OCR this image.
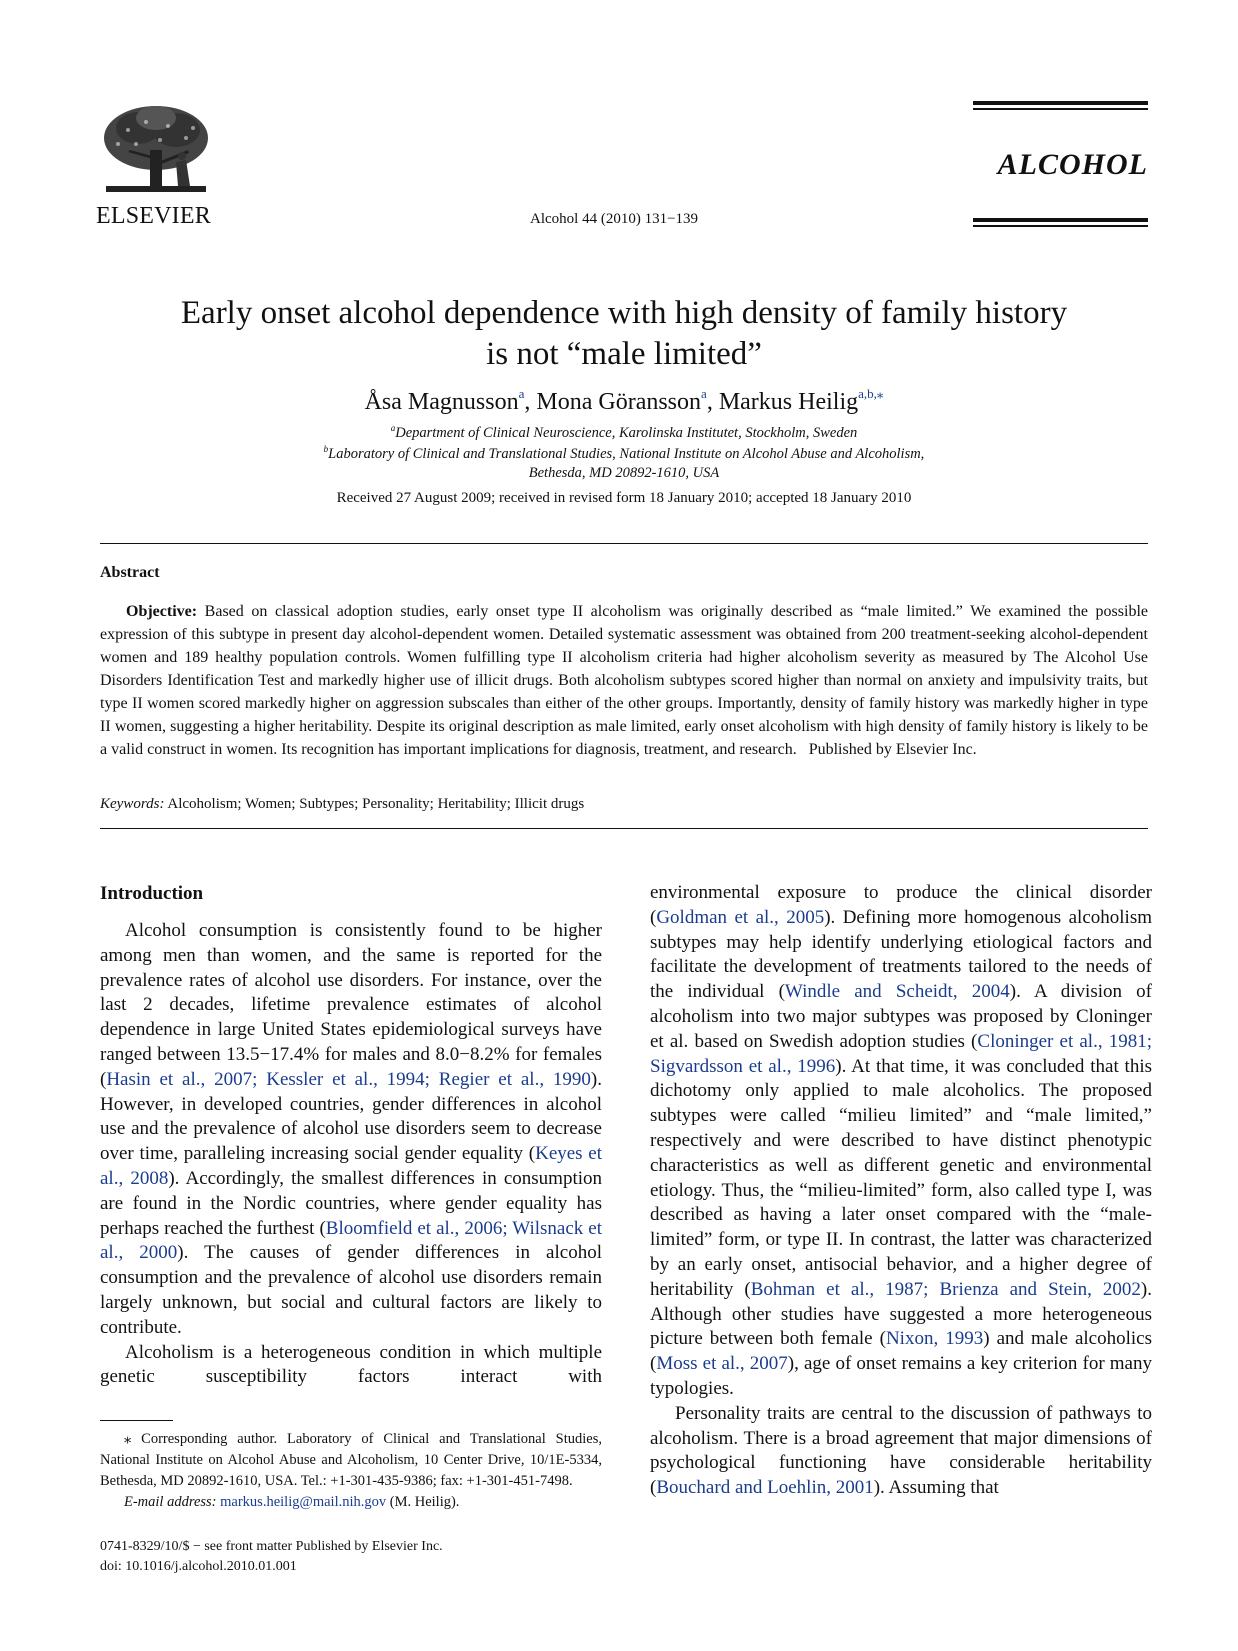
ELSEVIER	Alcohol 44 (2010) 131−139
ALCOHOL
Early onset alcohol dependence with high density of family history
is not “male limited”
Åsa Magnusson$^a$, Mona Göransson$^a$, Markus Heilig$^{a,b,⁎}$
$^a$Department of Clinical Neuroscience, Karolinska Institutet, Stockholm, Sweden
$^b$Laboratory of Clinical and Translational Studies, National Institute on Alcohol Abuse and Alcoholism,
Bethesda, MD 20892-1610, USA
Received 27 August 2009; received in revised form 18 January 2010; accepted 18 January 2010
Abstract
Objective: Based on classical adoption studies, early onset type II alcoholism was originally described as “male limited.” We examined the possible expression of this subtype in present day alcohol-dependent women. Detailed systematic assessment was obtained from 200 treatment-seeking alcohol-dependent women and 189 healthy population controls. Women fulfilling type II alcoholism criteria had higher alcoholism severity as measured by The Alcohol Use Disorders Identification Test and markedly higher use of illicit drugs. Both alcoholism subtypes scored higher than normal on anxiety and impulsivity traits, but type II women scored markedly higher on aggression subscales than either of the other groups. Importantly, density of family history was markedly higher in type II women, suggesting a higher heritability. Despite its original description as male limited, early onset alcoholism with high density of family history is likely to be a valid construct in women. Its recognition has important implications for diagnosis, treatment, and research. Published by Elsevier Inc.
Keywords: Alcoholism; Women; Subtypes; Personality; Heritability; Illicit drugs
Introduction

Alcohol consumption is consistently found to be higher among men than women, and the same is reported for the prevalence rates of alcohol use disorders. For instance, over the last 2 decades, lifetime prevalence estimates of alcohol dependence in large United States epidemiological surveys have ranged between 13.5−17.4% for males and 8.0−8.2% for females (Hasin et al., 2007; Kessler et al., 1994; Regier et al., 1990). However, in developed countries, gender differences in alcohol use and the prevalence of alcohol use disorders seem to decrease over time, paralleling increasing social gender equality (Keyes et al., 2008). Accordingly, the smallest differences in consumption are found in the Nordic countries, where gender equality has perhaps reached the furthest (Bloomfield et al., 2006; Wilsnack et al., 2000). The causes of gender differences in alcohol consumption and the prevalence of alcohol use disorders remain largely unknown, but social and cultural factors are likely to contribute.

Alcoholism is a heterogeneous condition in which multiple genetic susceptibility factors interact with

environmental exposure to produce the clinical disorder (Goldman et al., 2005). Defining more homogenous alcoholism subtypes may help identify underlying etiological factors and facilitate the development of treatments tailored to the needs of the individual (Windle and Scheidt, 2004). A division of alcoholism into two major subtypes was proposed by Cloninger et al. based on Swedish adoption studies (Cloninger et al., 1981; Sigvardsson et al., 1996). At that time, it was concluded that this dichotomy only applied to male alcoholics. The proposed subtypes were called “milieu limited” and “male limited,” respectively and were described to have distinct phenotypic characteristics as well as different genetic and environmental etiology. Thus, the “milieu-limited” form, also called type I, was described as having a later onset compared with the “male-limited” form, or type II. In contrast, the latter was characterized by an early onset, antisocial behavior, and a higher degree of heritability (Bohman et al., 1987; Brienza and Stein, 2002). Although other studies have suggested a more heterogeneous picture between both female (Nixon, 1993) and male alcoholics (Moss et al., 2007), age of onset remains a key criterion for many typologies.

Personality traits are central to the discussion of pathways to alcoholism. There is a broad agreement that major dimensions of psychological functioning have considerable heritability (Bouchard and Loehlin, 2001). Assuming that

⁎ Corresponding author. Laboratory of Clinical and Translational Studies, National Institute on Alcohol Abuse and Alcoholism, 10 Center Drive, 10/1E-5334, Bethesda, MD 20892-1610, USA. Tel.: +1-301-435-9386; fax: +1-301-451-7498.

E-mail address: markus.heilig@mail.nih.gov (M. Heilig).

0741-8329/10/$ − see front matter Published by Elsevier Inc.
doi: 10.1016/j.alcohol.2010.01.001
